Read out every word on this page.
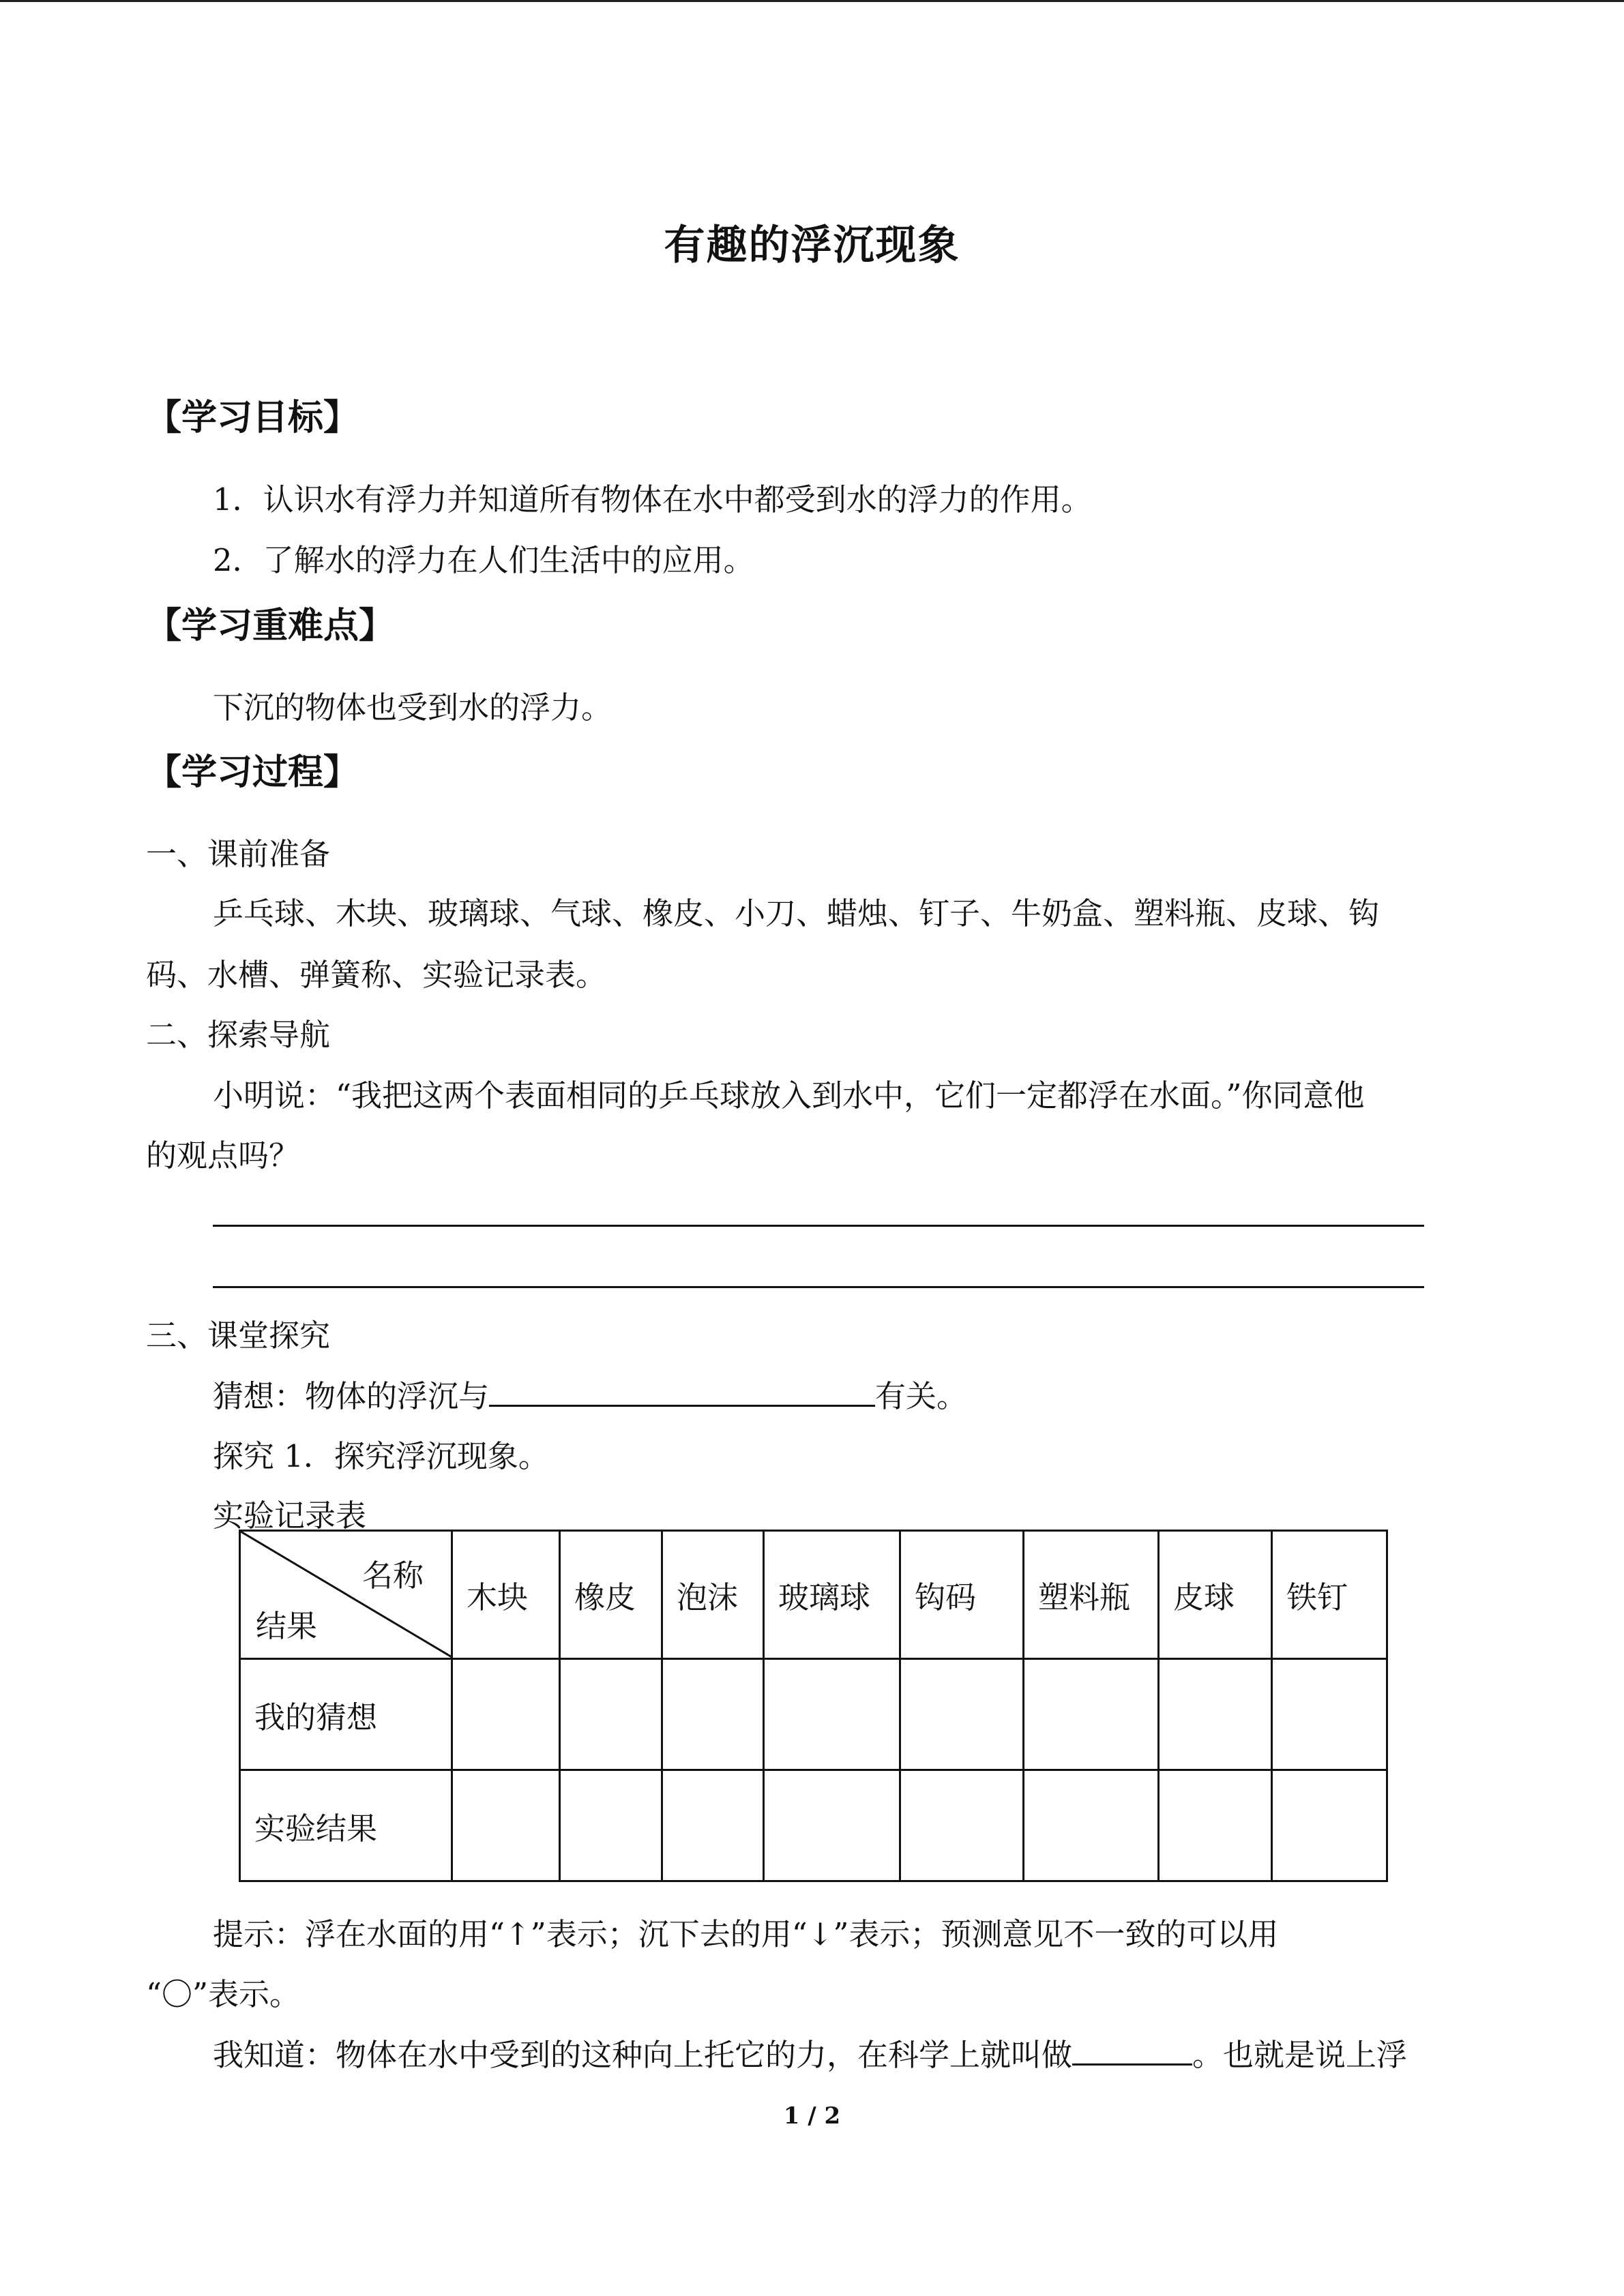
有趣的浮沉现象
【学习目标】
1．认识水有浮力并知道所有物体在水中都受到水的浮力的作用。
2．了解水的浮力在人们生活中的应用。
【学习重难点】
下沉的物体也受到水的浮力。
【学习过程】
一、课前准备
乒乓球、木块、玻璃球、气球、橡皮、小刀、蜡烛、钉子、牛奶盒、塑料瓶、皮球、钩
码、水槽、弹簧称、实验记录表。
二、探索导航
小明说：“我把这两个表面相同的乒乓球放入到水中，它们一定都浮在水面。”你同意他
的观点吗？
三、课堂探究
猜想：物体的浮沉与	有关。
探究 1．探究浮沉现象。
实验记录表
名称
结果	木块	橡皮	泡沫	玻璃球	钩码	塑料瓶	皮球	铁钉
我的猜想								
实验结果								
提示：浮在水面的用“↑”表示；沉下去的用“↓”表示；预测意见不一致的可以用
“〇”表示。
我知道：物体在水中受到的这种向上托它的力，在科学上就叫做	。也就是说上浮
1 / 2
